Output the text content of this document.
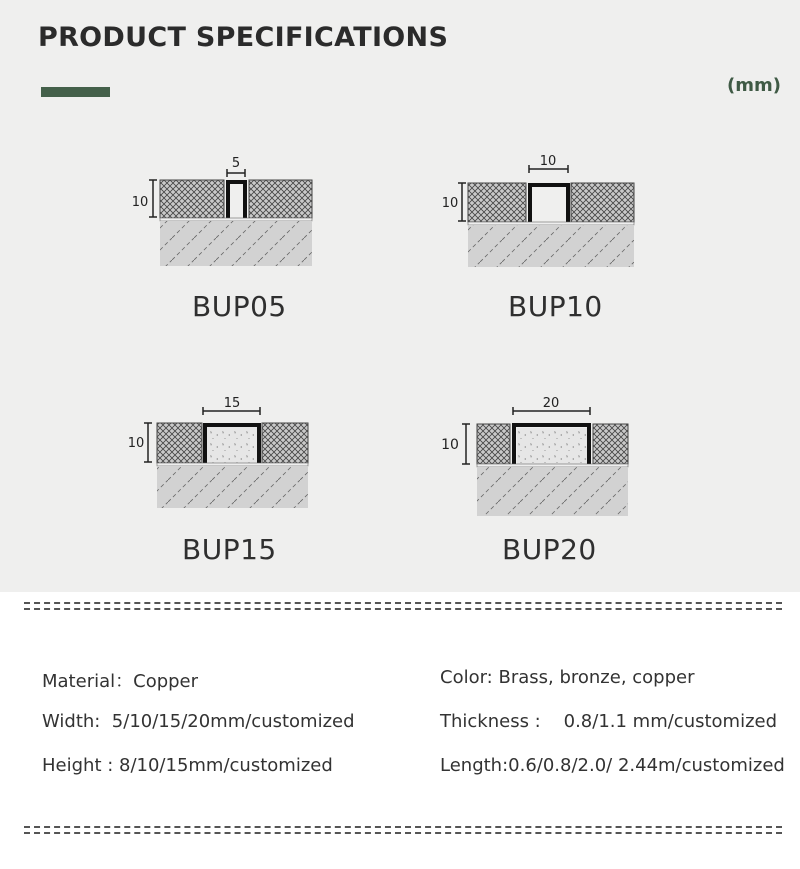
PRODUCT SPECIFICATIONS
(mm)
5
10
BUP05
10
10
BUP10
15
10
BUP15
20
10
BUP20
Material：Copper
Width:  5/10/15/20mm/customized
Height : 8/10/15mm/customized
Color: Brass, bronze, copper
Thickness :    0.8/1.1 mm/customized
Length:0.6/0.8/2.0/ 2.44m/customized
